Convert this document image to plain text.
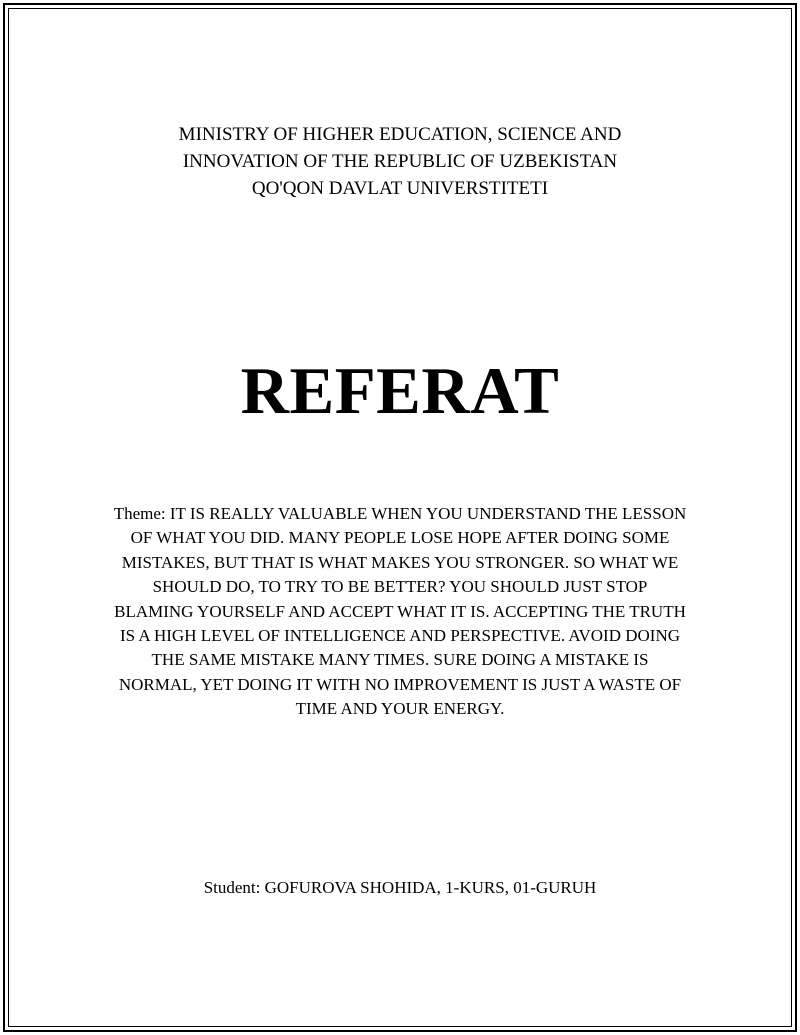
MINISTRY OF HIGHER EDUCATION, SCIENCE AND
INNOVATION OF THE REPUBLIC OF UZBEKISTAN
QO'QON DAVLAT UNIVERSTITETI
REFERAT
Theme: IT IS REALLY VALUABLE WHEN YOU UNDERSTAND THE LESSON OF WHAT YOU DID. MANY PEOPLE LOSE HOPE AFTER DOING SOME MISTAKES, BUT THAT IS WHAT MAKES YOU STRONGER. SO WHAT WE SHOULD DO, TO TRY TO BE BETTER? YOU SHOULD JUST STOP BLAMING YOURSELF AND ACCEPT WHAT IT IS. ACCEPTING THE TRUTH IS A HIGH LEVEL OF INTELLIGENCE AND PERSPECTIVE. AVOID DOING THE SAME MISTAKE MANY TIMES. SURE DOING A MISTAKE IS NORMAL, YET DOING IT WITH NO IMPROVEMENT IS JUST A WASTE OF TIME AND YOUR ENERGY.
Student: GOFUROVA SHOHIDA, 1-KURS, 01-GURUH
